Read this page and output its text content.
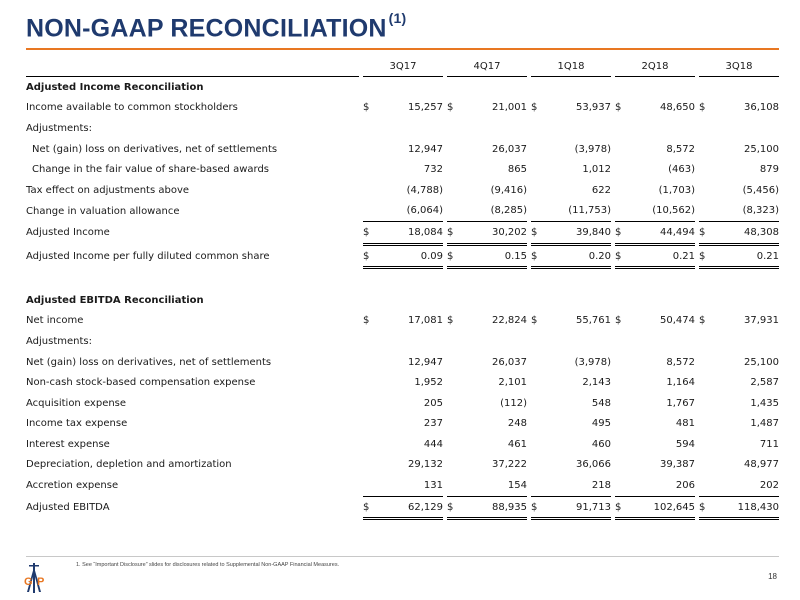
NON-GAAP RECONCILIATION $^{(1)}$
		3Q17			4Q17			1Q18			2Q18			3Q18	
Adjusted Income Reconciliation															
Income available to common stockholders		$	15,257		$	21,001		$	53,937		$	48,650		$	36,108
Adjustments:															
Net (gain) loss on derivatives, net of settlements			12,947			26,037			(3,978)			8,572			25,100
Change in the fair value of share-based awards			732			865			1,012			(463)			879
Tax effect on adjustments above			(4,788)			(9,416)			622			(1,703)			(5,456)
Change in valuation allowance			(6,064)			(8,285)			(11,753)			(10,562)			(8,323)
Adjusted Income		$	18,084		$	30,202		$	39,840		$	44,494		$	48,308
Adjusted Income per fully diluted common share		$	0.09		$	0.15		$	0.20		$	0.21		$	0.21

Adjusted EBITDA Reconciliation															
Net income		$	17,081		$	22,824		$	55,761		$	50,474		$	37,931
Adjustments:															
Net (gain) loss on derivatives, net of settlements			12,947			26,037			(3,978)			8,572			25,100
Non-cash stock-based compensation expense			1,952			2,101			2,143			1,164			2,587
Acquisition expense			205			(112)			548			1,767			1,435
Income tax expense			237			248			495			481			1,487
Interest expense			444			461			460			594			711
Depreciation, depletion and amortization			29,132			37,222			36,066			39,387			48,977
Accretion expense			131			154			218			206			202
Adjusted EBITDA		$	62,129		$	88,935		$	91,713		$	102,645		$	118,430
G P
1. See “Important Disclosure” slides for disclosures related to Supplemental Non-GAAP Financial Measures.
18
